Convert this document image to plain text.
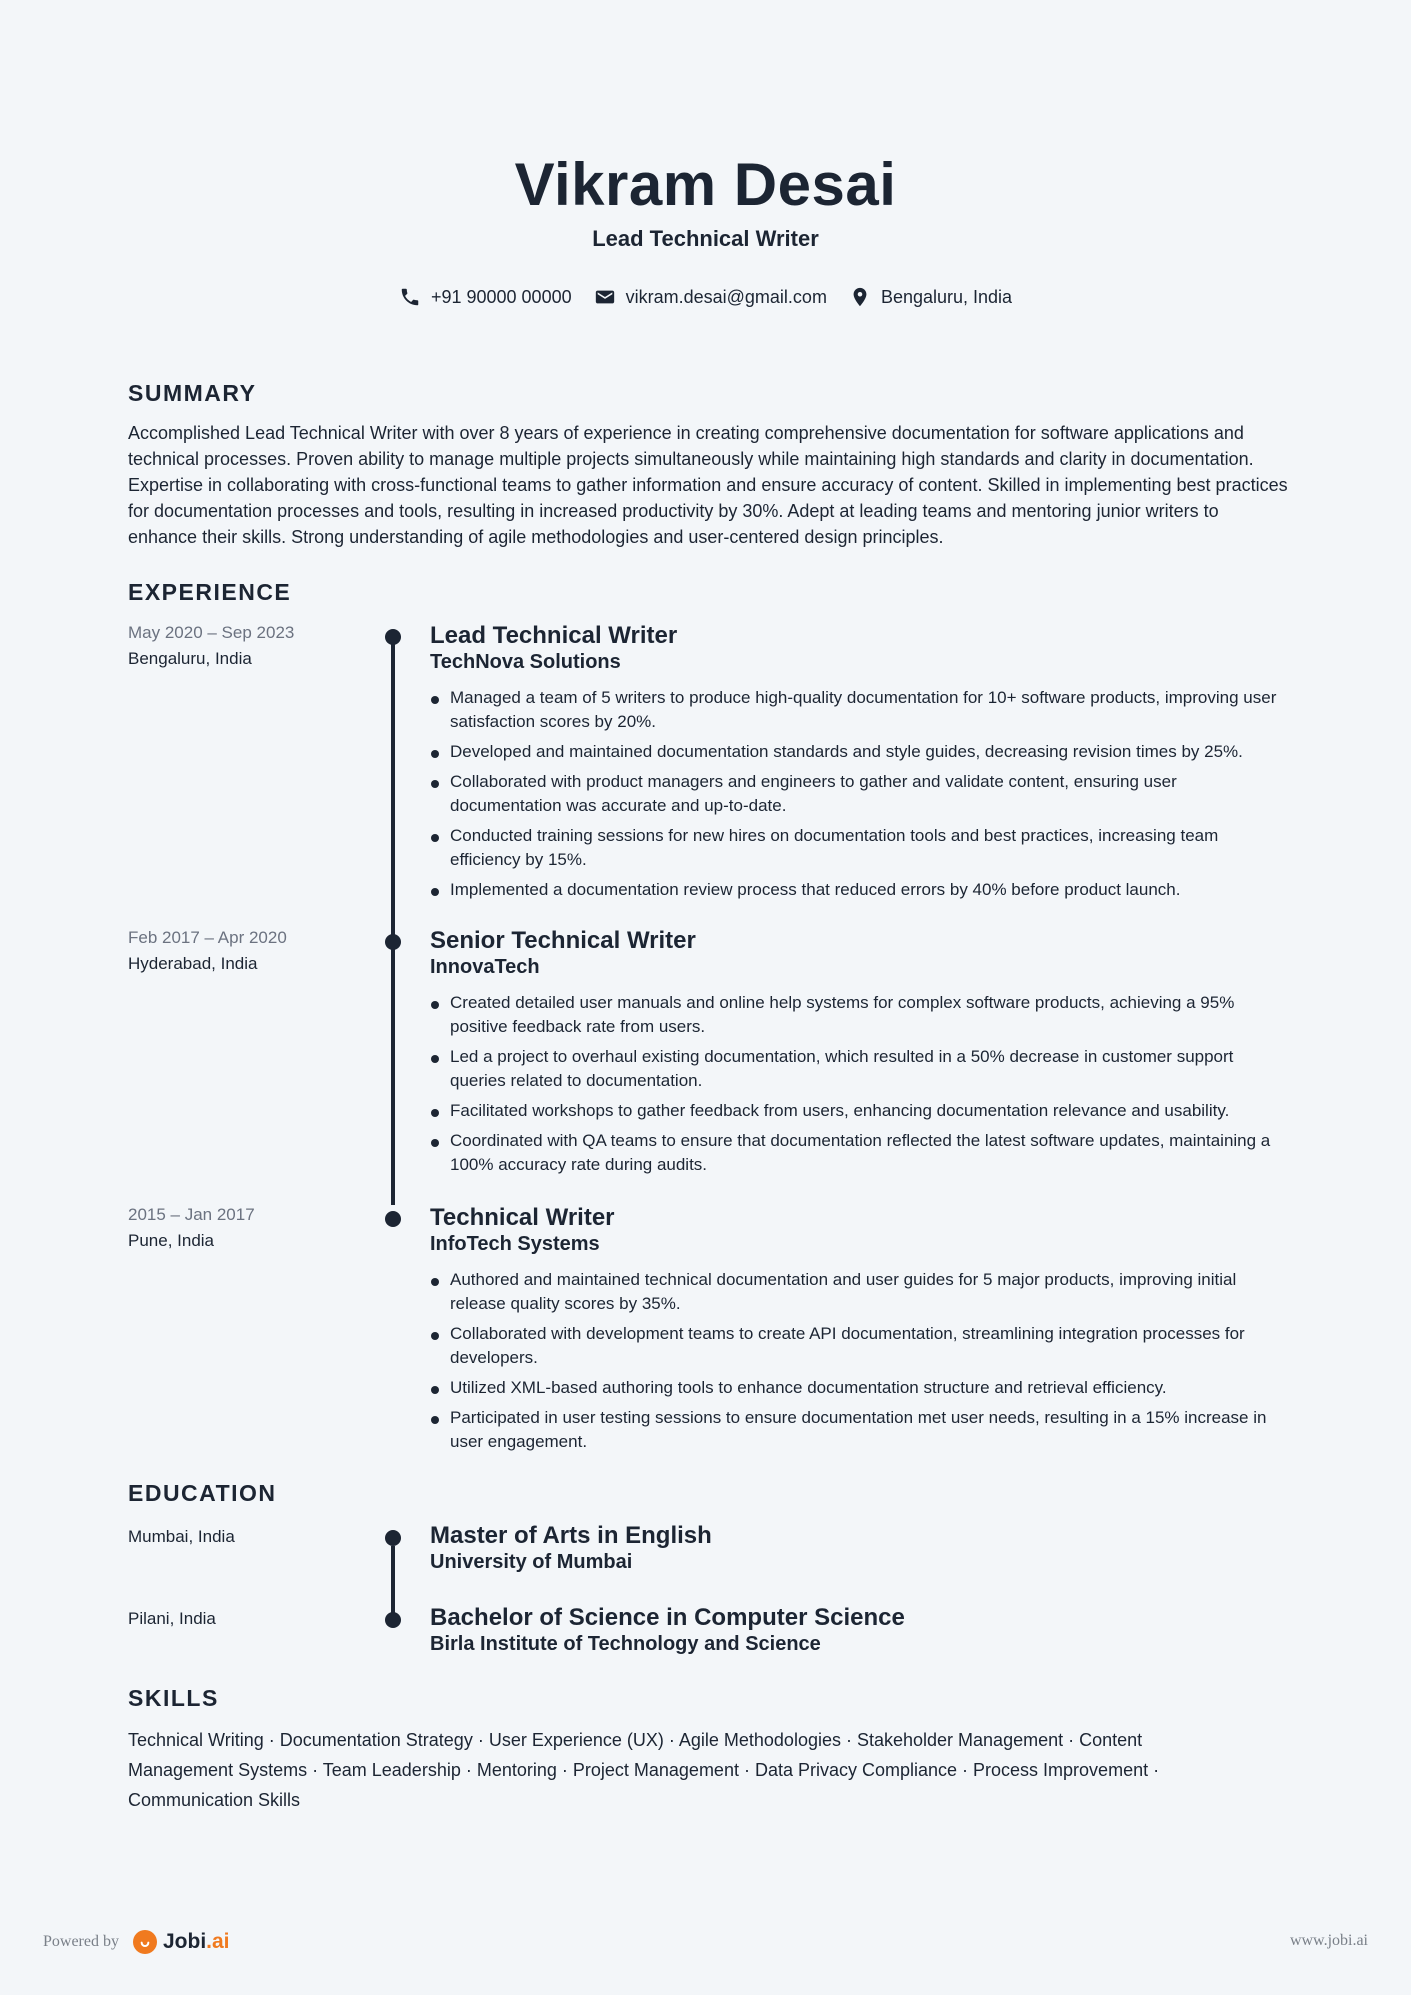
Vikram Desai
Lead Technical Writer
+91 90000 00000	vikram.desai@gmail.com	Bengaluru, India
SUMMARY
Accomplished Lead Technical Writer with over 8 years of experience in creating comprehensive documentation for software applications and technical processes. Proven ability to manage multiple projects simultaneously while maintaining high standards and clarity in documentation. Expertise in collaborating with cross-functional teams to gather information and ensure accuracy of content. Skilled in implementing best practices for documentation processes and tools, resulting in increased productivity by 30%. Adept at leading teams and mentoring junior writers to enhance their skills. Strong understanding of agile methodologies and user-centered design principles.
EXPERIENCE
May 2020 – Sep 2023
Bengaluru, India
Lead Technical Writer
TechNova Solutions
Managed a team of 5 writers to produce high-quality documentation for 10+ software products, improving user satisfaction scores by 20%.
Developed and maintained documentation standards and style guides, decreasing revision times by 25%.
Collaborated with product managers and engineers to gather and validate content, ensuring user documentation was accurate and up-to-date.
Conducted training sessions for new hires on documentation tools and best practices, increasing team efficiency by 15%.
Implemented a documentation review process that reduced errors by 40% before product launch.
Feb 2017 – Apr 2020
Hyderabad, India
Senior Technical Writer
InnovaTech
Created detailed user manuals and online help systems for complex software products, achieving a 95% positive feedback rate from users.
Led a project to overhaul existing documentation, which resulted in a 50% decrease in customer support queries related to documentation.
Facilitated workshops to gather feedback from users, enhancing documentation relevance and usability.
Coordinated with QA teams to ensure that documentation reflected the latest software updates, maintaining a 100% accuracy rate during audits.
2015 – Jan 2017
Pune, India
Technical Writer
InfoTech Systems
Authored and maintained technical documentation and user guides for 5 major products, improving initial release quality scores by 35%.
Collaborated with development teams to create API documentation, streamlining integration processes for developers.
Utilized XML-based authoring tools to enhance documentation structure and retrieval efficiency.
Participated in user testing sessions to ensure documentation met user needs, resulting in a 15% increase in user engagement.
EDUCATION
Mumbai, India	Master of Arts in English
University of Mumbai
Pilani, India	Bachelor of Science in Computer Science
Birla Institute of Technology and Science
SKILLS
Technical Writing · Documentation Strategy · User Experience (UX) · Agile Methodologies · Stakeholder Management · Content Management Systems · Team Leadership · Mentoring · Project Management · Data Privacy Compliance · Process Improvement · Communication Skills
Powered by Jobi.ai	www.jobi.ai
